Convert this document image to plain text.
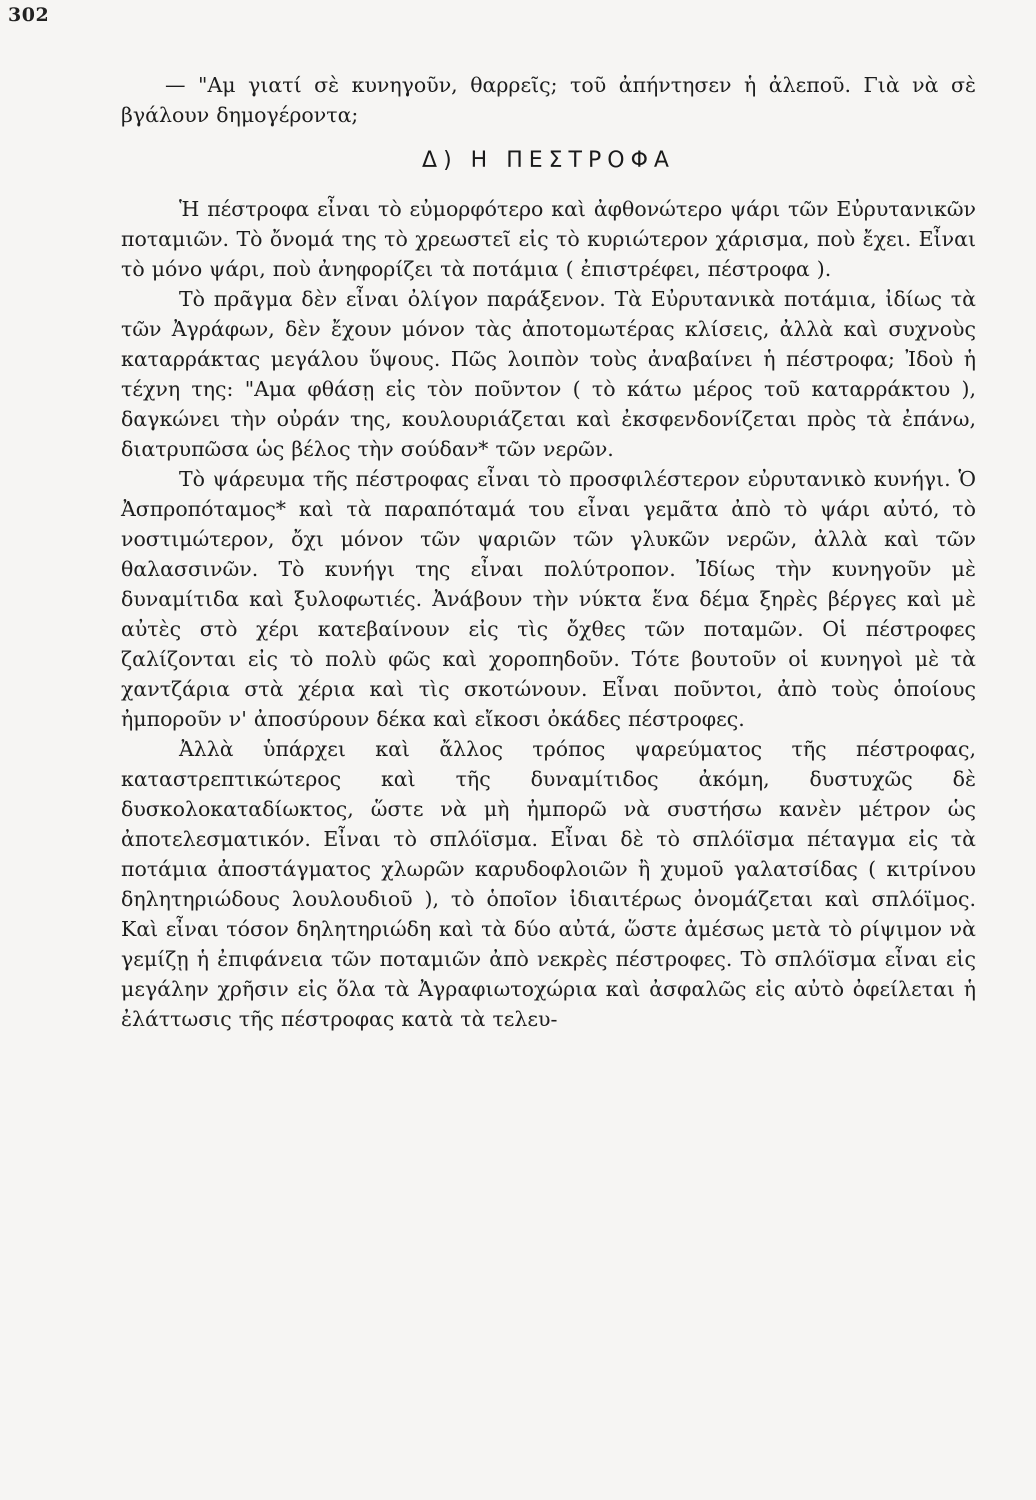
302

— "Αμ γιατί σὲ κυνηγοῦν, θαρρεῖς; τοῦ ἀπήντησεν ἡ ἀλεποῦ. Γιὰ νὰ σὲ βγάλουν δημογέροντα;

Δ) Η ΠΕΣΤΡΟΦΑ

Ἡ πέστροφα εἶναι τὸ εὐμορφότερο καὶ ἀφθονώτερο ψάρι τῶν Εὐρυτανικῶν ποταμιῶν. Τὸ ὄνομά της τὸ χρεωστεῖ εἰς τὸ κυριώτερον χάρισμα, ποὺ ἔχει. Εἶναι τὸ μόνο ψάρι, ποὺ ἀνηφορίζει τὰ ποτάμια ( ἐπιστρέφει, πέστροφα ).

Τὸ πρᾶγμα δὲν εἶναι ὀλίγον παράξενον. Τὰ Εὐρυτανικὰ ποτάμια, ἰδίως τὰ τῶν Ἀγράφων, δὲν ἔχουν μόνον τὰς ἀποτομωτέρας κλίσεις, ἀλλὰ καὶ συχνοὺς καταρράκτας μεγάλου ὕψους. Πῶς λοιπὸν τοὺς ἀναβαίνει ἡ πέστροφα; Ἰδοὺ ἡ τέχνη της: "Αμα φθάσῃ εἰς τὸν ποῦντον ( τὸ κάτω μέρος τοῦ καταρράκτου ), δαγκώνει τὴν οὐράν της, κουλουριάζεται καὶ ἐκσφενδονίζεται πρὸς τὰ ἐπάνω, διατρυπῶσα ὡς βέλος τὴν σούδαν* τῶν νερῶν.

Τὸ ψάρευμα τῆς πέστροφας εἶναι τὸ προσφιλέστερον εὐρυτανικὸ κυνήγι. Ὁ Ἀσπροπόταμος* καὶ τὰ παραπόταμά του εἶναι γεμᾶτα ἀπὸ τὸ ψάρι αὐτό, τὸ νοστιμώτερον, ὄχι μόνον τῶν ψαριῶν τῶν γλυκῶν νερῶν, ἀλλὰ καὶ τῶν θαλασσινῶν. Τὸ κυνήγι της εἶναι πολύτροπον. Ἰδίως τὴν κυνηγοῦν μὲ δυναμίτιδα καὶ ξυλοφωτιές. Ἀνάβουν τὴν νύκτα ἕνα δέμα ξηρὲς βέργες καὶ μὲ αὐτὲς στὸ χέρι κατεβαίνουν εἰς τὶς ὄχθες τῶν ποταμῶν. Οἱ πέστροφες ζαλίζονται εἰς τὸ πολὺ φῶς καὶ χοροπηδοῦν. Τότε βουτοῦν οἱ κυνηγοὶ μὲ τὰ χαντζάρια στὰ χέρια καὶ τὶς σκοτώνουν. Εἶναι ποῦντοι, ἀπὸ τοὺς ὁποίους ἠμποροῦν ν' ἀποσύρουν δέκα καὶ εἴκοσι ὀκάδες πέστροφες.

Ἀλλὰ ὑπάρχει καὶ ἄλλος τρόπος ψαρεύματος τῆς πέστροφας, καταστρεπτικώτερος καὶ τῆς δυναμίτιδος ἀκόμη, δυστυχῶς δὲ δυσκολοκαταδίωκτος, ὥστε νὰ μὴ ἠμπορῶ νὰ συστήσω κανὲν μέτρον ὡς ἀποτελεσματικόν. Εἶναι τὸ σπλόϊσμα. Εἶναι δὲ τὸ σπλόϊσμα πέταγμα εἰς τὰ ποτάμια ἀποστάγματος χλωρῶν καρυδοφλοιῶν ἢ χυμοῦ γαλατσίδας ( κιτρίνου δηλητηριώδους λουλουδιοῦ ), τὸ ὁποῖον ἰδιαιτέρως ὀνομάζεται καὶ σπλόϊμος. Καὶ εἶναι τόσον δηλητηριώδη καὶ τὰ δύο αὐτά, ὥστε ἀμέσως μετὰ τὸ ρίψιμον νὰ γεμίζῃ ἡ ἐπιφάνεια τῶν ποταμιῶν ἀπὸ νεκρὲς πέστροφες. Τὸ σπλόϊσμα εἶναι εἰς μεγάλην χρῆσιν εἰς ὅλα τὰ Ἀγραφιωτοχώρια καὶ ἀσφαλῶς εἰς αὐτὸ ὀφείλεται ἡ ἐλάττωσις τῆς πέστροφας κατὰ τὰ τελευ-
